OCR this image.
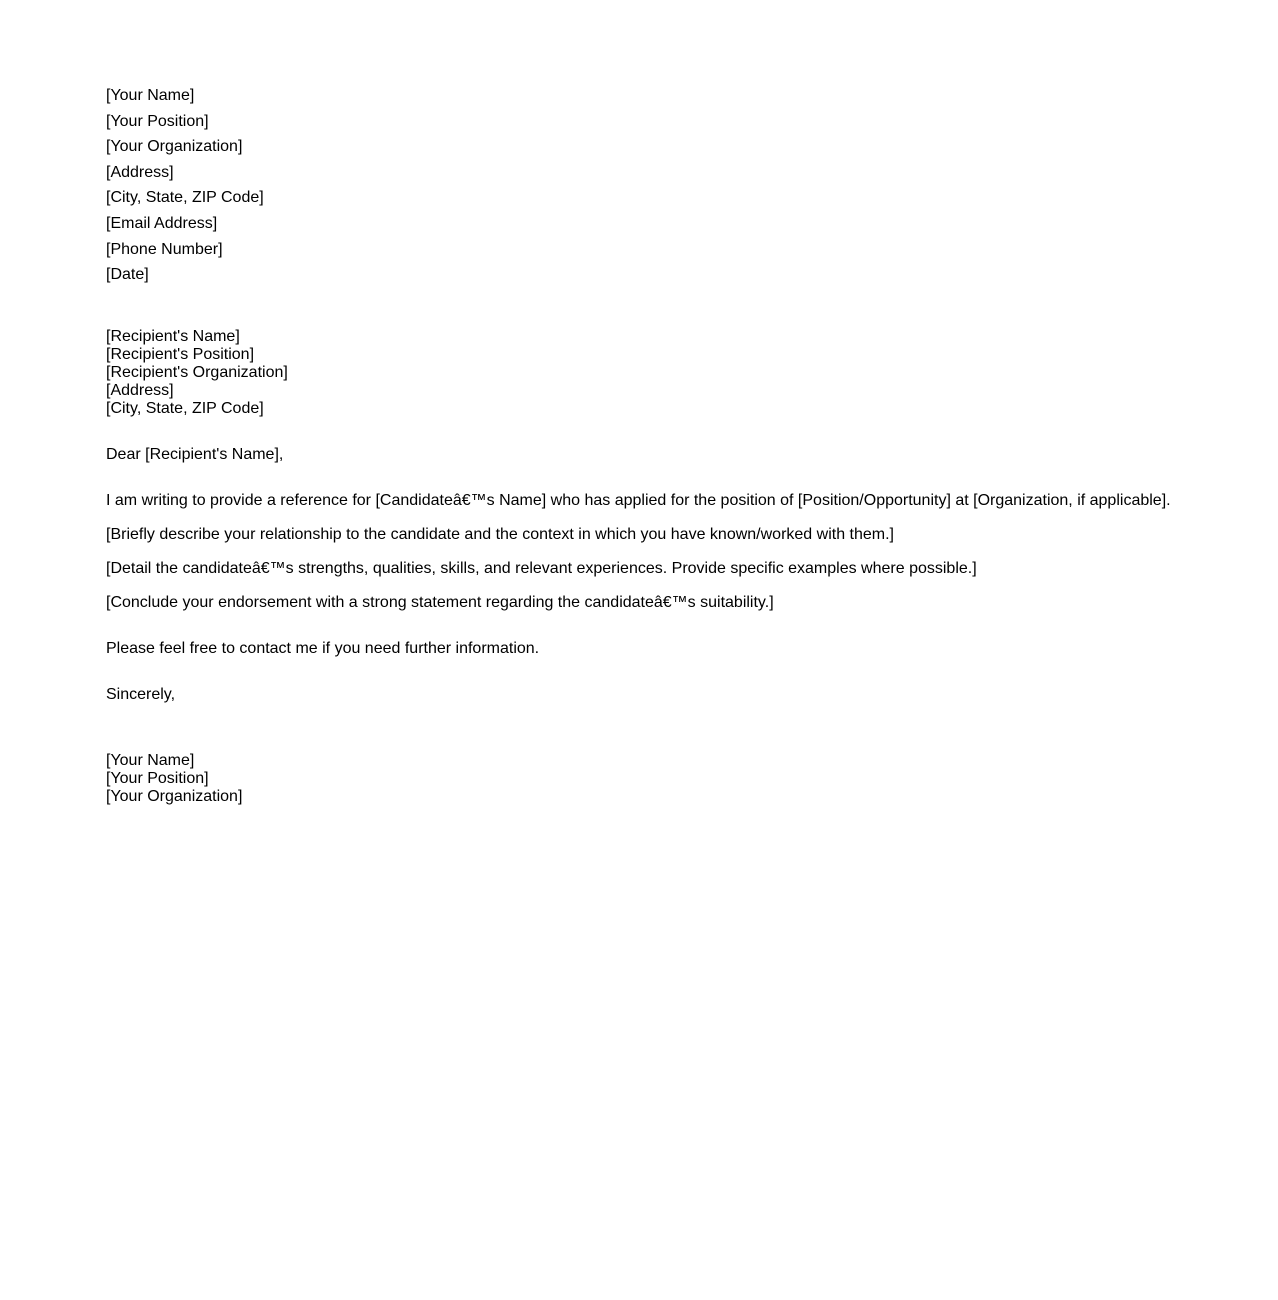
[Your Name]
[Your Position]
[Your Organization]
[Address]
[City, State, ZIP Code]
[Email Address]
[Phone Number]
[Date]
[Recipient's Name]
[Recipient's Position]
[Recipient's Organization]
[Address]
[City, State, ZIP Code]
Dear [Recipient's Name],
I am writing to provide a reference for [Candidateâ€™s Name] who has applied for the position of [Position/Opportunity] at [Organization, if applicable].
[Briefly describe your relationship to the candidate and the context in which you have known/worked with them.]
[Detail the candidateâ€™s strengths, qualities, skills, and relevant experiences. Provide specific examples where possible.]
[Conclude your endorsement with a strong statement regarding the candidateâ€™s suitability.]
Please feel free to contact me if you need further information.
Sincerely,
[Your Name]
[Your Position]
[Your Organization]
